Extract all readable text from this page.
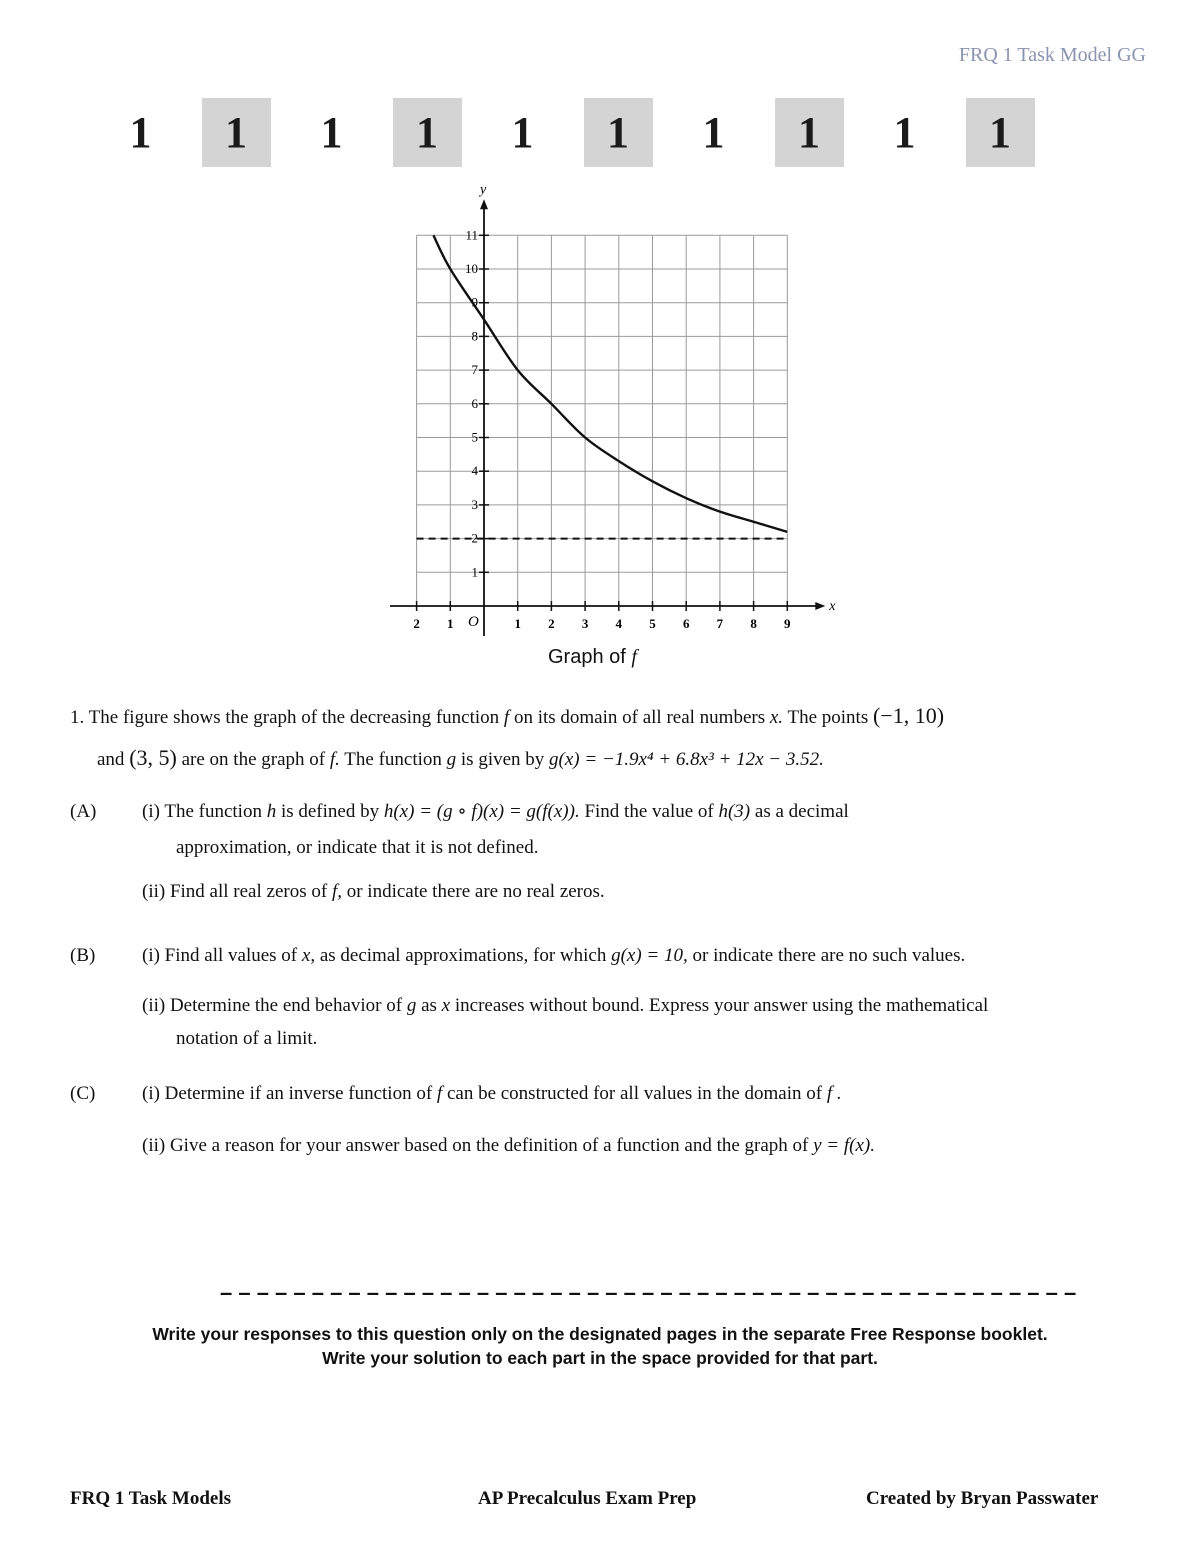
FRQ 1 Task Model GG
1	1	1	1	1	1	1	1	1	1
2 1	1 2 3 4 5 6 7 8 9
1
2
3
4
5
6
7
8
9
10
11
x
y
O
Graph of f
1. The figure shows the graph of the decreasing function f on its domain of all real numbers x. The points (−1, 10)
and (3, 5) are on the graph of f. The function g is given by g(x) = −1.9x⁴ + 6.8x³ + 12x − 3.52.
(A) (i) The function h is defined by h(x) = (g ∘ f)(x) = g(f(x)). Find the value of h(3) as a decimal
approximation, or indicate that it is not defined.
(ii) Find all real zeros of f, or indicate there are no real zeros.
(B) (i) Find all values of x, as decimal approximations, for which g(x) = 10, or indicate there are no such values.
(ii) Determine the end behavior of g as x increases without bound. Express your answer using the mathematical
notation of a limit.
(C) (i) Determine if an inverse function of f can be constructed for all values in the domain of f .
(ii) Give a reason for your answer based on the definition of a function and the graph of y = f(x).
– – – – – – – – – – – – – – – – – – – – – – – – – – – – – – – – – – – – – – – – – – – – – – –
Write your responses to this question only on the designated pages in the separate Free Response booklet.
Write your solution to each part in the space provided for that part.
FRQ 1 Task Models	AP Precalculus Exam Prep	Created by Bryan Passwater
